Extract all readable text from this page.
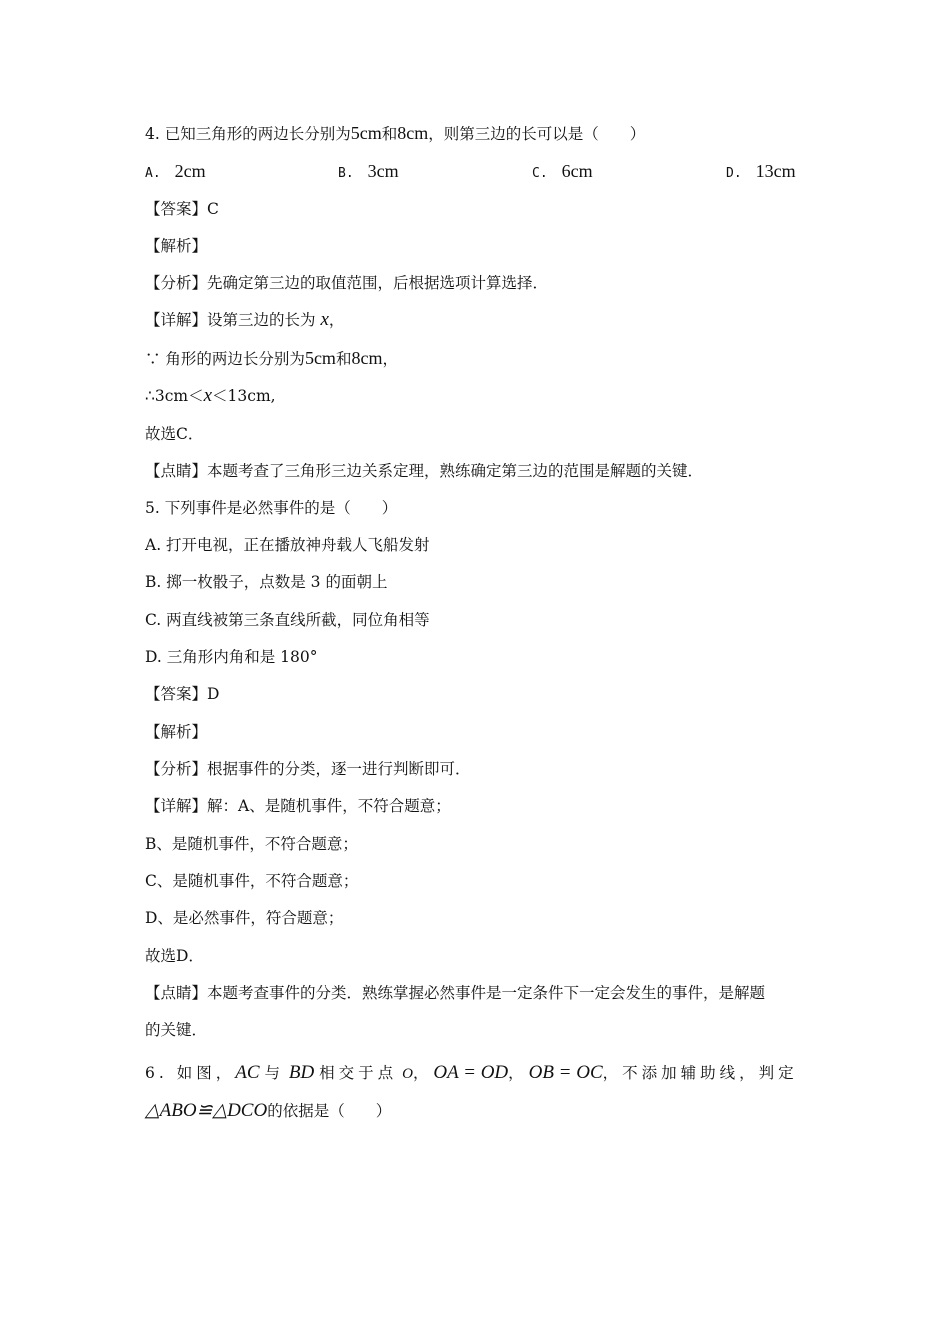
4. 已知三角形的两边长分别为5cm和8cm，则第三边的长可以是（　　）
A. 2cm	B. 3cm	C. 6cm	D. 13cm
【答案】C
【解析】
【分析】先确定第三边的取值范围，后根据选项计算选择．
【详解】设第三边的长为 x，
∵ 角形的两边长分别为5cm和8cm，
∴3cm＜x＜13cm,
故选C．
【点睛】本题考查了三角形三边关系定理，熟练确定第三边的范围是解题的关键．
5. 下列事件是必然事件的是（　　）
A. 打开电视，正在播放神舟载人飞船发射
B. 掷一枚骰子，点数是 3 的面朝上
C. 两直线被第三条直线所截，同位角相等
D. 三角形内角和是 180°
【答案】D
【解析】
【分析】根据事件的分类，逐一进行判断即可．
【详解】解：A、是随机事件，不符合题意；
B、是随机事件，不符合题意；
C、是随机事件，不符合题意；
D、是必然事件，符合题意；
故选D．
【点睛】本题考查事件的分类．熟练掌握必然事件是一定条件下一定会发生的事件，是解题
的关键．
6. 如图，AC 与 BD 相交于点 O， OA = OD， OB = OC，不添加辅助线，判定
△ABO≌△DCO的依据是（　　）
